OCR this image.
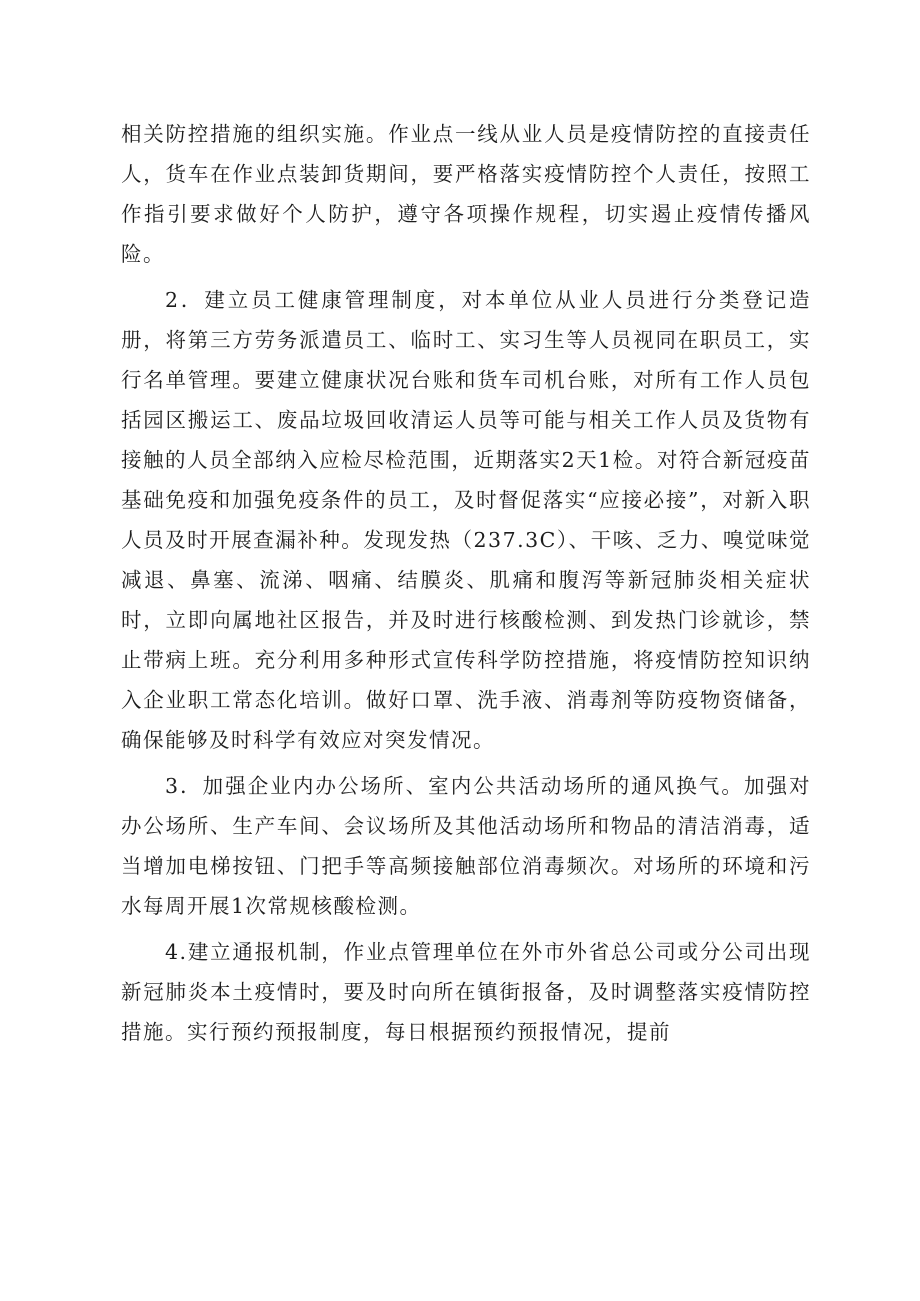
相关防控措施的组织实施。作业点一线从业人员是疫情防控的直接责任人，货车在作业点装卸货期间，要严格落实疫情防控个人责任，按照工作指引要求做好个人防护，遵守各项操作规程，切实遏止疫情传播风险。

2．建立员工健康管理制度，对本单位从业人员进行分类登记造册，将第三方劳务派遣员工、临时工、实习生等人员视同在职员工，实行名单管理。要建立健康状况台账和货车司机台账，对所有工作人员包括园区搬运工、废品垃圾回收清运人员等可能与相关工作人员及货物有接触的人员全部纳入应检尽检范围，近期落实2天1检。对符合新冠疫苗基础免疫和加强免疫条件的员工，及时督促落实“应接必接”，对新入职人员及时开展查漏补种。发现发热（237.3C）、干咳、乏力、嗅觉味觉减退、鼻塞、流涕、咽痛、结膜炎、肌痛和腹泻等新冠肺炎相关症状时，立即向属地社区报告，并及时进行核酸检测、到发热门诊就诊，禁止带病上班。充分利用多种形式宣传科学防控措施，将疫情防控知识纳入企业职工常态化培训。做好口罩、洗手液、消毒剂等防疫物资储备，确保能够及时科学有效应对突发情况。

3．加强企业内办公场所、室内公共活动场所的通风换气。加强对办公场所、生产车间、会议场所及其他活动场所和物品的清洁消毒，适当增加电梯按钮、门把手等高频接触部位消毒频次。对场所的环境和污水每周开展1次常规核酸检测。

4.建立通报机制，作业点管理单位在外市外省总公司或分公司出现新冠肺炎本土疫情时，要及时向所在镇街报备，及时调整落实疫情防控措施。实行预约预报制度，每日根据预约预报情况，提前
